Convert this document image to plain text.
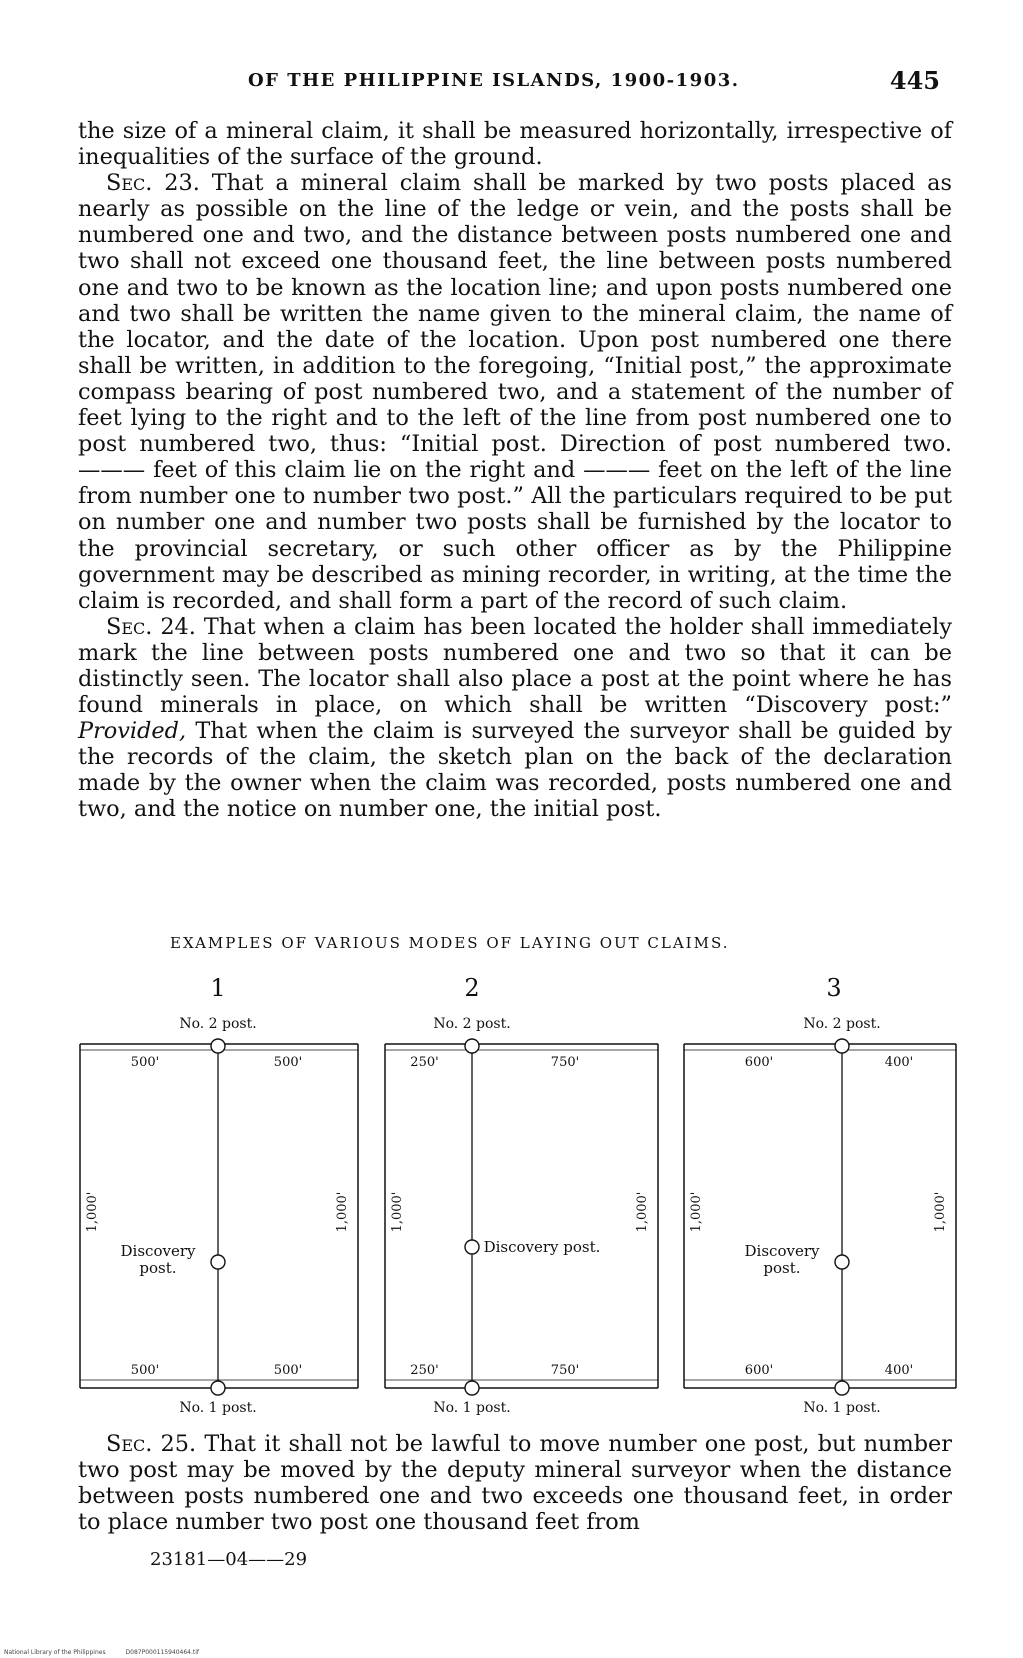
OF THE PHILIPPINE ISLANDS, 1900-1903.	445

the size of a mineral claim, it shall be measured horizontally, irrespective of inequalities of the surface of the ground.

Sec. 23. That a mineral claim shall be marked by two posts placed as nearly as possible on the line of the ledge or vein, and the posts shall be numbered one and two, and the distance between posts numbered one and two shall not exceed one thousand feet, the line between posts numbered one and two to be known as the location line; and upon posts numbered one and two shall be written the name given to the mineral claim, the name of the locator, and the date of the location. Upon post numbered one there shall be written, in addition to the foregoing, “Initial post,” the approximate compass bearing of post numbered two, and a statement of the number of feet lying to the right and to the left of the line from post numbered one to post numbered two, thus: “Initial post. Direction of post numbered two. ——— feet of this claim lie on the right and ——— feet on the left of the line from number one to number two post.” All the particulars required to be put on number one and number two posts shall be furnished by the locator to the provincial secretary, or such other officer as by the Philippine government may be described as mining recorder, in writing, at the time the claim is recorded, and shall form a part of the record of such claim.

Sec. 24. That when a claim has been located the holder shall immediately mark the line between posts numbered one and two so that it can be distinctly seen. The locator shall also place a post at the point where he has found minerals in place, on which shall be written “Discovery post:” Provided, That when the claim is surveyed the surveyor shall be guided by the records of the claim, the sketch plan on the back of the declaration made by the owner when the claim was recorded, posts numbered one and two, and the notice on number one, the initial post.

EXAMPLES OF VARIOUS MODES OF LAYING OUT CLAIMS.
1
No. 2 post.
No. 1 post.
500'	500'
500'	500'
1,000'	1,000'
Discovery
post.
2
No. 2 post.
No. 1 post.
250'	750'
250'	750'
1,000'	1,000'
Discovery post.
3
No. 2 post.
No. 1 post.
600'	400'
600'	400'
1,000'	1,000'
Discovery
post.

Sec. 25. That it shall not be lawful to move number one post, but number two post may be moved by the deputy mineral surveyor when the distance between posts numbered one and two exceeds one thousand feet, in order to place number two post one thousand feet from

23181—04——29
National Library of the Philippines	D087P000115940464.tif
